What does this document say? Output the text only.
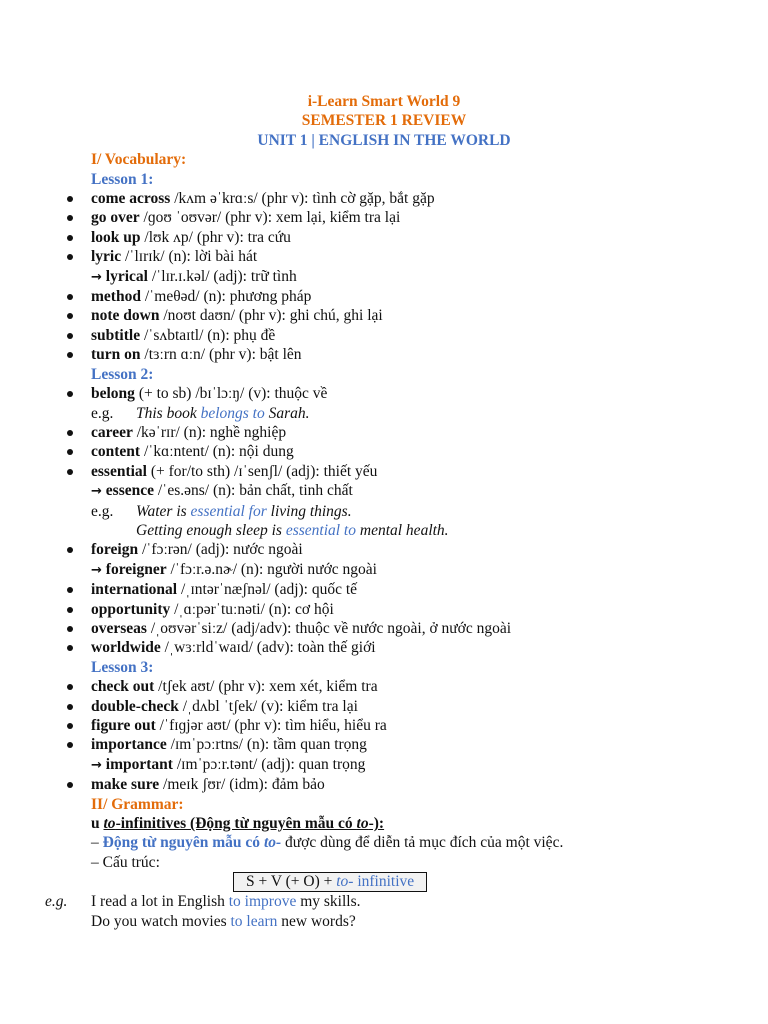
i-Learn Smart World 9
SEMESTER 1 REVIEW
UNIT 1 | ENGLISH IN THE WORLD
I/ Vocabulary:
Lesson 1:
come across /kʌm əˈkrɑːs/ (phr v): tình cờ gặp, bắt gặp
go over /ɡoʊ ˈoʊvər/ (phr v): xem lại, kiểm tra lại
look up /lʊk ʌp/ (phr v): tra cứu
lyric /ˈlɪrɪk/ (n): lời bài hát
→ lyrical /ˈlɪr.ɪ.kəl/ (adj): trữ tình
method /ˈmeθəd/ (n): phương pháp
note down /noʊt daʊn/ (phr v): ghi chú, ghi lại
subtitle /ˈsʌbtaɪtl/ (n): phụ đề
turn on /tɜːrn ɑːn/ (phr v): bật lên
Lesson 2:
belong (+ to sb) /bɪˈlɔːŋ/ (v): thuộc về
e.g. This book belongs to Sarah.
career /kəˈrɪr/ (n): nghề nghiệp
content /ˈkɑːntent/ (n): nội dung
essential (+ for/to sth) /ɪˈsenʃl/ (adj): thiết yếu
→ essence /ˈes.əns/ (n): bản chất, tinh chất
e.g. Water is essential for living things.
Getting enough sleep is essential to mental health.
foreign /ˈfɔːrən/ (adj): nước ngoài
→ foreigner /ˈfɔːr.ə.nɚ/ (n): người nước ngoài
international /ˌɪntərˈnæʃnəl/ (adj): quốc tế
opportunity /ˌɑːpərˈtuːnəti/ (n): cơ hội
overseas /ˌoʊvərˈsiːz/ (adj/adv): thuộc về nước ngoài, ở nước ngoài
worldwide /ˌwɜːrldˈwaɪd/ (adv): toàn thế giới
Lesson 3:
check out /tʃek aʊt/ (phr v): xem xét, kiểm tra
double-check /ˌdʌbl ˈtʃek/ (v): kiểm tra lại
figure out /ˈfɪɡjər aʊt/ (phr v): tìm hiểu, hiểu ra
importance /ɪmˈpɔːrtns/ (n): tầm quan trọng
→ important /ɪmˈpɔːr.tənt/ (adj): quan trọng
make sure /meɪk ʃʊr/ (idm): đảm bảo
II/ Grammar:
u to-infinitives (Động từ nguyên mẫu có to-):
– Động từ nguyên mẫu có to- được dùng để diễn tả mục đích của một việc.
– Cấu trúc:
S + V (+ O) + to- infinitive
e.g. I read a lot in English to improve my skills.
Do you watch movies to learn new words?
